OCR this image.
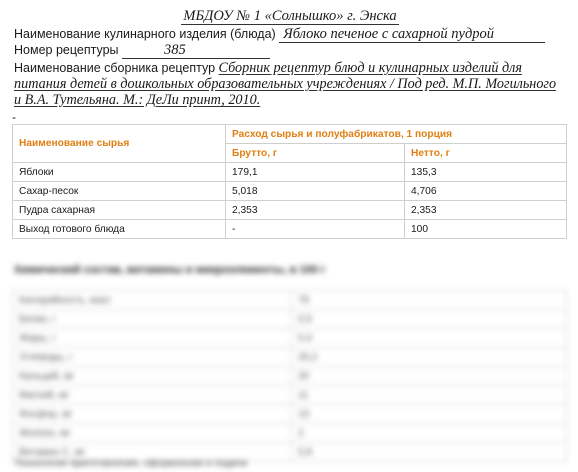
МБДОУ № 1 «Солнышко» г. Энска
Наименование кулинарного изделия (блюда) Яблоко печеное с сахарной пудрой
Номер рецептуры	385
Наименование сборника рецептур Сборник рецептур блюд и кулинарных изделий для питания детей в дошкольных образовательных учреждениях / Под ред. М.П. Могильного и В.А. Тутельяна. М.: ДеЛи принт, 2010.
-
Наименование сырья	Расход сырья и полуфабрикатов, 1 порция	
	Брутто, г	Нетто, г
Яблоки	179,1	135,3
Сахар-песок	5,018	4,706
Пудра сахарная	2,353	2,353
Выход готового блюда	-	100
Химический состав, витамины и микроэлементы, в 100 г
Калорийность, ккал	79
Белки, г	0,5
Жиры, г	0,4
Углеводы, г	20,2
Кальций, мг	20
Магний, мг	11
Фосфор, мг	13
Железо, мг	2
Витамин С, мг	5,8
Технология приготовления, оформления и подачи
